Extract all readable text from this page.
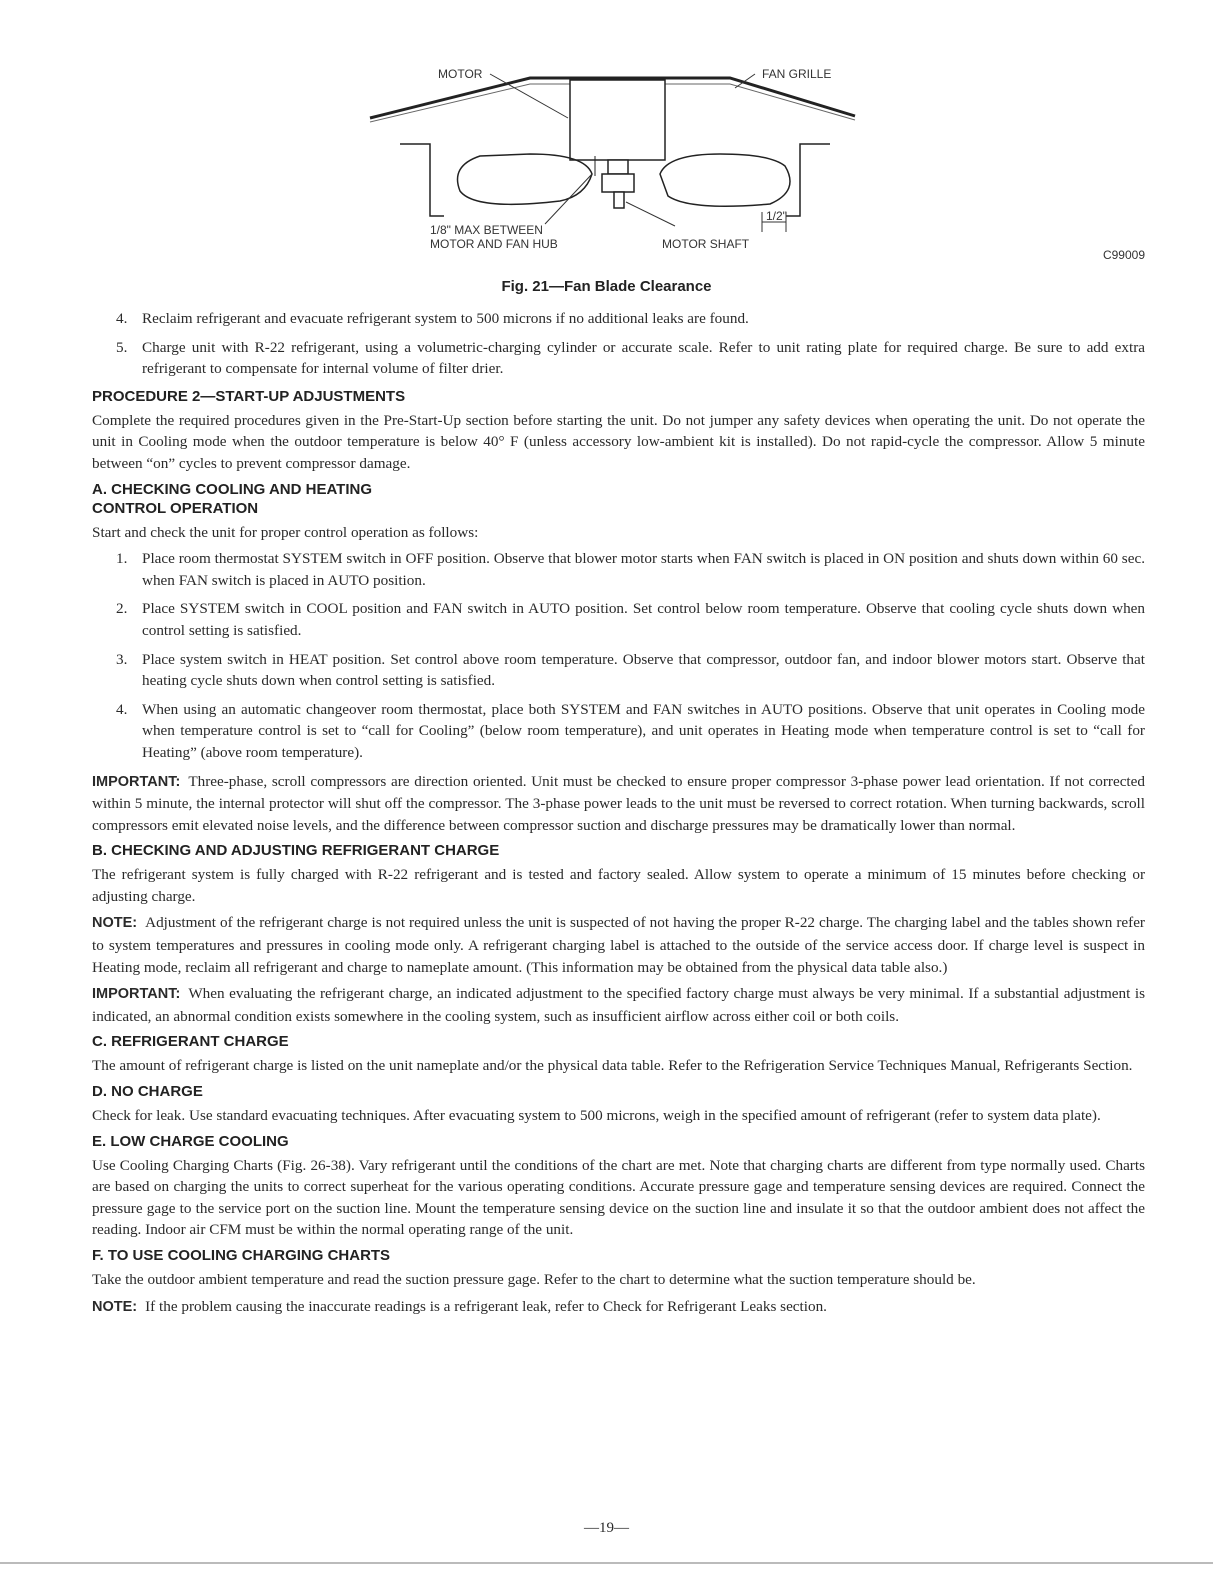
MOTOR	FAN GRILLE
1/8" MAX BETWEEN
MOTOR AND FAN HUB	MOTOR SHAFT
1/2"
C99009
Fig. 21—Fan Blade Clearance
4. Reclaim refrigerant and evacuate refrigerant system to 500 microns if no additional leaks are found.
5. Charge unit with R-22 refrigerant, using a volumetric-charging cylinder or accurate scale. Refer to unit rating plate for required charge. Be sure to add extra refrigerant to compensate for internal volume of filter drier.
PROCEDURE 2—START-UP ADJUSTMENTS

Complete the required procedures given in the Pre-Start-Up section before starting the unit. Do not jumper any safety devices when operating the unit. Do not operate the unit in Cooling mode when the outdoor temperature is below 40° F (unless accessory low-ambient kit is installed). Do not rapid-cycle the compressor. Allow 5 minute between “on” cycles to prevent compressor damage.

A. CHECKING COOLING AND HEATING
CONTROL OPERATION

Start and check the unit for proper control operation as follows:

1. Place room thermostat SYSTEM switch in OFF position. Observe that blower motor starts when FAN switch is placed in ON position and shuts down within 60 sec. when FAN switch is placed in AUTO position.
2. Place SYSTEM switch in COOL position and FAN switch in AUTO position. Set control below room temperature. Observe that cooling cycle shuts down when control setting is satisfied.
3. Place system switch in HEAT position. Set control above room temperature. Observe that compressor, outdoor fan, and indoor blower motors start. Observe that heating cycle shuts down when control setting is satisfied.
4. When using an automatic changeover room thermostat, place both SYSTEM and FAN switches in AUTO positions. Observe that unit operates in Cooling mode when temperature control is set to “call for Cooling” (below room temperature), and unit operates in Heating mode when temperature control is set to “call for Heating” (above room temperature).

IMPORTANT: Three-phase, scroll compressors are direction oriented. Unit must be checked to ensure proper compressor 3-phase power lead orientation. If not corrected within 5 minute, the internal protector will shut off the compressor. The 3-phase power leads to the unit must be reversed to correct rotation. When turning backwards, scroll compressors emit elevated noise levels, and the difference between compressor suction and discharge pressures may be dramatically lower than normal.

B. CHECKING AND ADJUSTING REFRIGERANT CHARGE

The refrigerant system is fully charged with R-22 refrigerant and is tested and factory sealed. Allow system to operate a minimum of 15 minutes before checking or adjusting charge.

NOTE: Adjustment of the refrigerant charge is not required unless the unit is suspected of not having the proper R-22 charge. The charging label and the tables shown refer to system temperatures and pressures in cooling mode only. A refrigerant charging label is attached to the outside of the service access door. If charge level is suspect in Heating mode, reclaim all refrigerant and charge to nameplate amount. (This information may be obtained from the physical data table also.)

IMPORTANT: When evaluating the refrigerant charge, an indicated adjustment to the specified factory charge must always be very minimal. If a substantial adjustment is indicated, an abnormal condition exists somewhere in the cooling system, such as insufficient airflow across either coil or both coils.

C. REFRIGERANT CHARGE

The amount of refrigerant charge is listed on the unit nameplate and/or the physical data table. Refer to the Refrigeration Service Techniques Manual, Refrigerants Section.

D. NO CHARGE

Check for leak. Use standard evacuating techniques. After evacuating system to 500 microns, weigh in the specified amount of refrigerant (refer to system data plate).

E. LOW CHARGE COOLING

Use Cooling Charging Charts (Fig. 26-38). Vary refrigerant until the conditions of the chart are met. Note that charging charts are different from type normally used. Charts are based on charging the units to correct superheat for the various operating conditions. Accurate pressure gage and temperature sensing devices are required. Connect the pressure gage to the service port on the suction line. Mount the temperature sensing device on the suction line and insulate it so that the outdoor ambient does not affect the reading. Indoor air CFM must be within the normal operating range of the unit.

F. TO USE COOLING CHARGING CHARTS

Take the outdoor ambient temperature and read the suction pressure gage. Refer to the chart to determine what the suction temperature should be.

NOTE: If the problem causing the inaccurate readings is a refrigerant leak, refer to Check for Refrigerant Leaks section.

—19—
